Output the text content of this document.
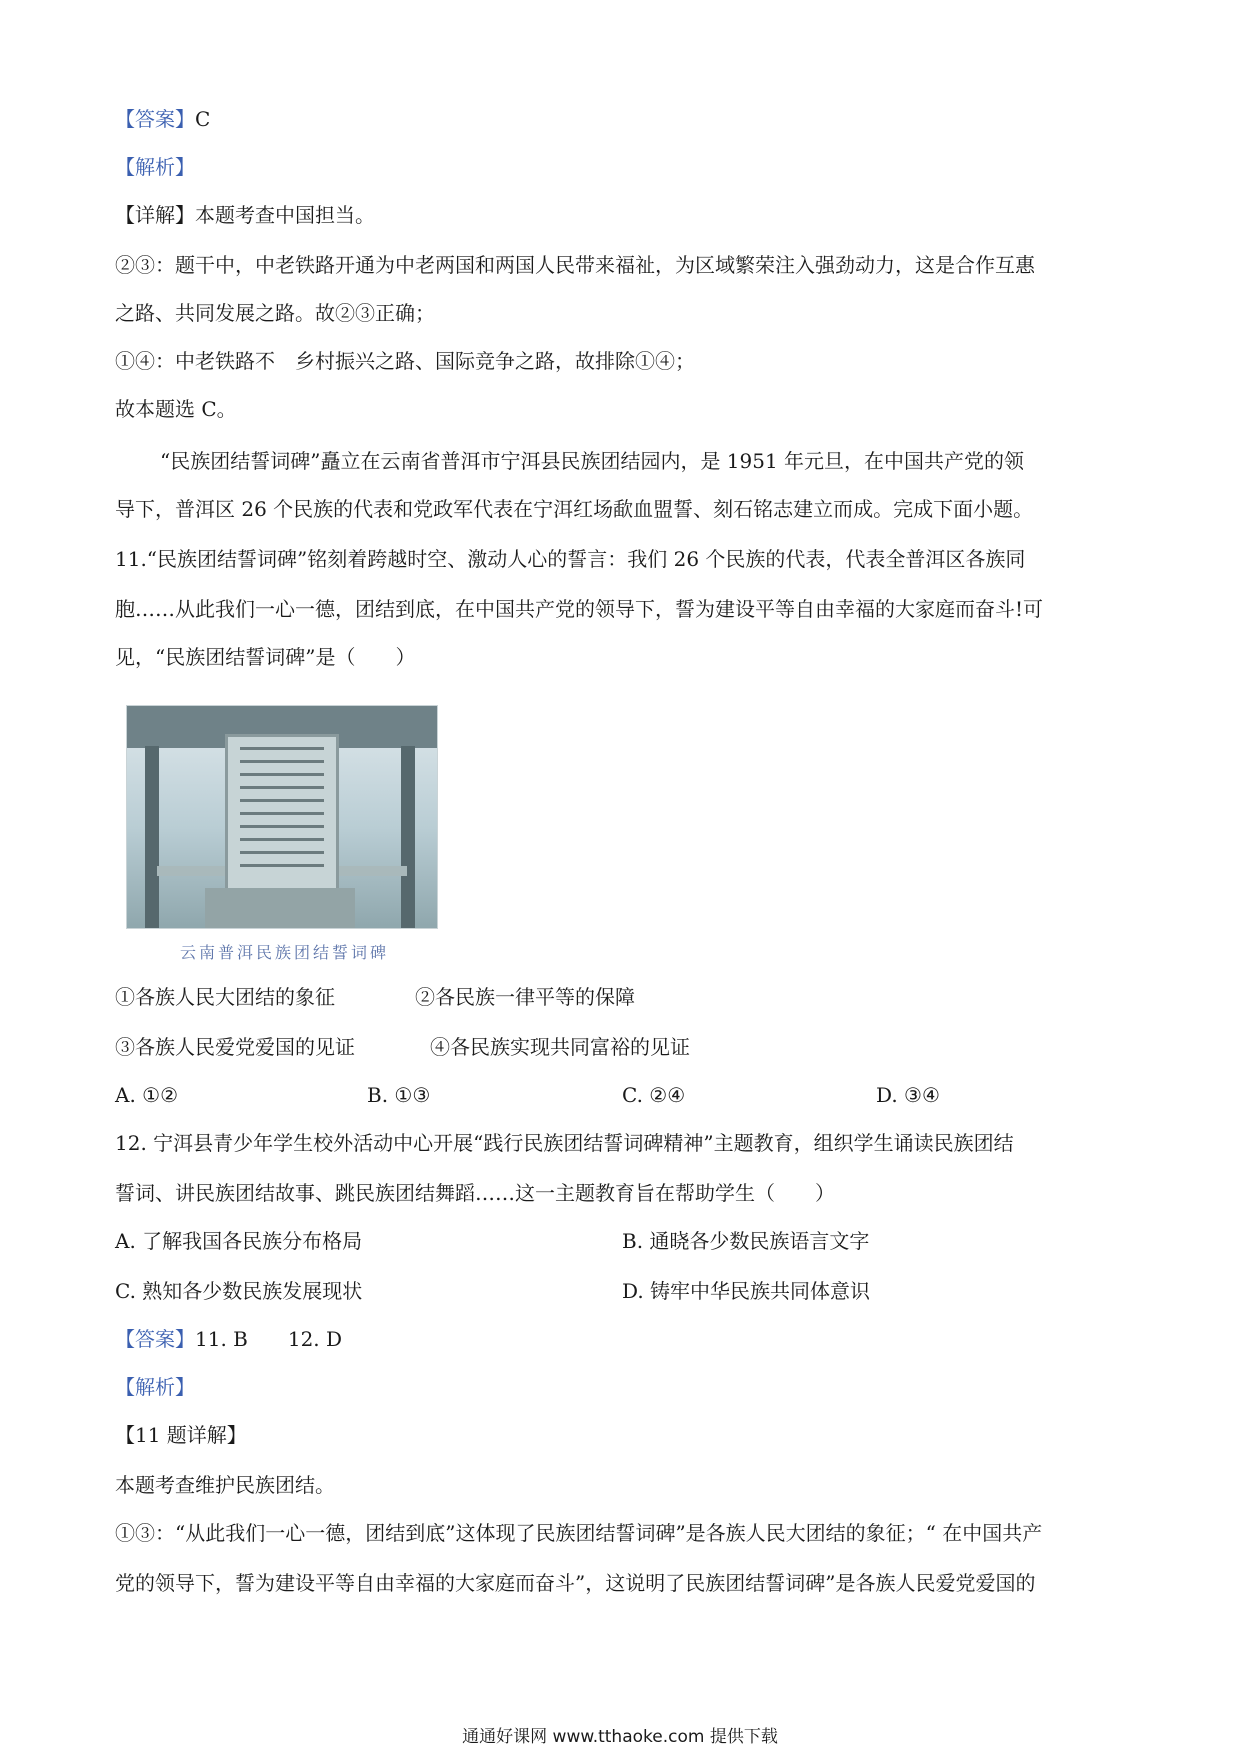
【答案】C
【解析】
【详解】本题考查中国担当。
②③：题干中，中老铁路开通为中老两国和两国人民带来福祉，为区域繁荣注入强劲动力，这是合作互惠
之路、共同发展之路。故②③正确；
①④：中老铁路不　乡村振兴之路、国际竞争之路，故排除①④；
故本题选 C。
“民族团结誓词碑”矗立在云南省普洱市宁洱县民族团结园内，是 1951 年元旦，在中国共产党的领
导下，普洱区 26 个民族的代表和党政军代表在宁洱红场歃血盟誓、刻石铭志建立而成。完成下面小题。
11.“民族团结誓词碑”铭刻着跨越时空、激动人心的誓言：我们 26 个民族的代表，代表全普洱区各族同
胞……从此我们一心一德，团结到底，在中国共产党的领导下，誓为建设平等自由幸福的大家庭而奋斗!可
见，“民族团结誓词碑”是（　　）
云南普洱民族团结誓词碑
①各族人民大团结的象征	②各民族一律平等的保障
③各族人民爱党爱国的见证	④各民族实现共同富裕的见证
A. ①②	B. ①③	C. ②④	D. ③④
12. 宁洱县青少年学生校外活动中心开展“践行民族团结誓词碑精神”主题教育，组织学生诵读民族团结
誓词、讲民族团结故事、跳民族团结舞蹈……这一主题教育旨在帮助学生（　　）
A. 了解我国各民族分布格局	B. 通晓各少数民族语言文字
C. 熟知各少数民族发展现状	D. 铸牢中华民族共同体意识
【答案】11. B　　12. D
【解析】
【11 题详解】
本题考查维护民族团结。
①③：“从此我们一心一德，团结到底”这体现了民族团结誓词碑”是各族人民大团结的象征；“ 在中国共产
党的领导下，誓为建设平等自由幸福的大家庭而奋斗”，这说明了民族团结誓词碑”是各族人民爱党爱国的
通通好课网 www.tthaoke.com 提供下载
